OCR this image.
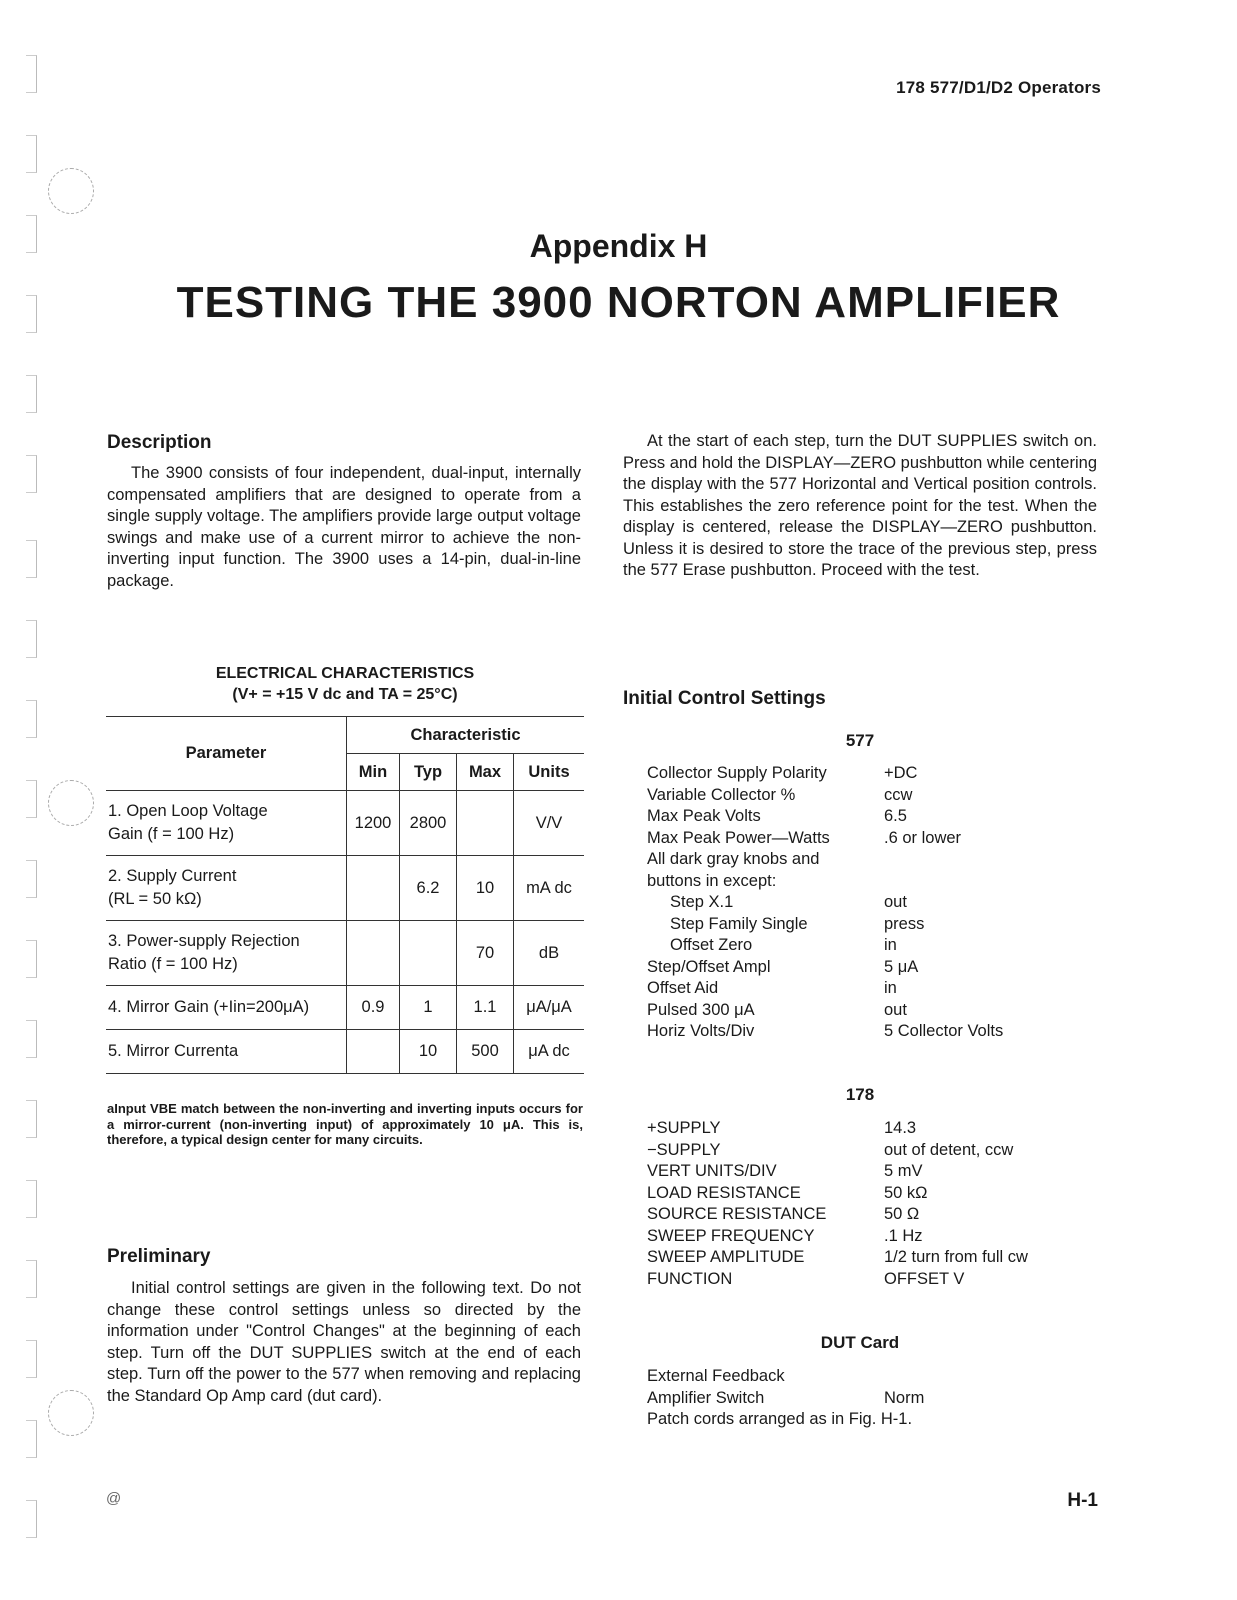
178 577/D1/D2 Operators
Appendix H
TESTING THE 3900 NORTON AMPLIFIER
Description

The 3900 consists of four independent, dual-input, internally compensated amplifiers that are designed to operate from a single supply voltage. The amplifiers provide large output voltage swings and make use of a current mirror to achieve the non-inverting input function. The 3900 uses a 14-pin, dual-in-line package.

ELECTRICAL CHARACTERISTICS
(V+ = +15 V dc and TA = 25°C)
Parameter	Characteristic			
	Min	Typ	Max	Units

1. Open Loop Voltage
Gain (f = 100 Hz)	1200	2800		V/V

2. Supply Current
(RL = 50 kΩ)		6.2	10	mA dc

3. Power-supply Rejection
Ratio (f = 100 Hz)			70	dB
4. Mirror Gain (+Iin=200μA)	0.9	1	1.1	μA/μA
5. Mirror Currenta		10	500	μA dc
aInput VBE match between the non-inverting and inverting inputs occurs for a mirror-current (non-inverting input) of approximately 10 μA. This is, therefore, a typical design center for many circuits.
Preliminary

Initial control settings are given in the following text. Do not change these control settings unless so directed by the information under "Control Changes" at the beginning of each step. Turn off the DUT SUPPLIES switch at the end of each step. Turn off the power to the 577 when removing and replacing the Standard Op Amp card (dut card).

At the start of each step, turn the DUT SUPPLIES switch on. Press and hold the DISPLAY—ZERO pushbutton while centering the display with the 577 Horizontal and Vertical position controls. This establishes the zero reference point for the test. When the display is centered, release the DISPLAY—ZERO pushbutton. Unless it is desired to store the trace of the previous step, press the 577 Erase pushbutton. Proceed with the test.

Initial Control Settings
577
Collector Supply Polarity	+DC
Variable Collector %	ccw
Max Peak Volts	6.5
Max Peak Power—Watts	.6 or lower
All dark gray knobs and
buttons in except:
Step X.1	out
Step Family Single	press
Offset Zero	in
Step/Offset Ampl	5 μA
Offset Aid	in
Pulsed 300 μA	out
Horiz Volts/Div	5 Collector Volts
178
+SUPPLY	14.3
−SUPPLY	out of detent, ccw
VERT UNITS/DIV	5 mV
LOAD RESISTANCE	50 kΩ
SOURCE RESISTANCE	50 Ω
SWEEP FREQUENCY	.1 Hz
SWEEP AMPLITUDE	1/2 turn from full cw
FUNCTION	OFFSET V
DUT Card
External Feedback
Amplifier Switch	Norm
Patch cords arranged as in Fig. H-1.
@	H-1
